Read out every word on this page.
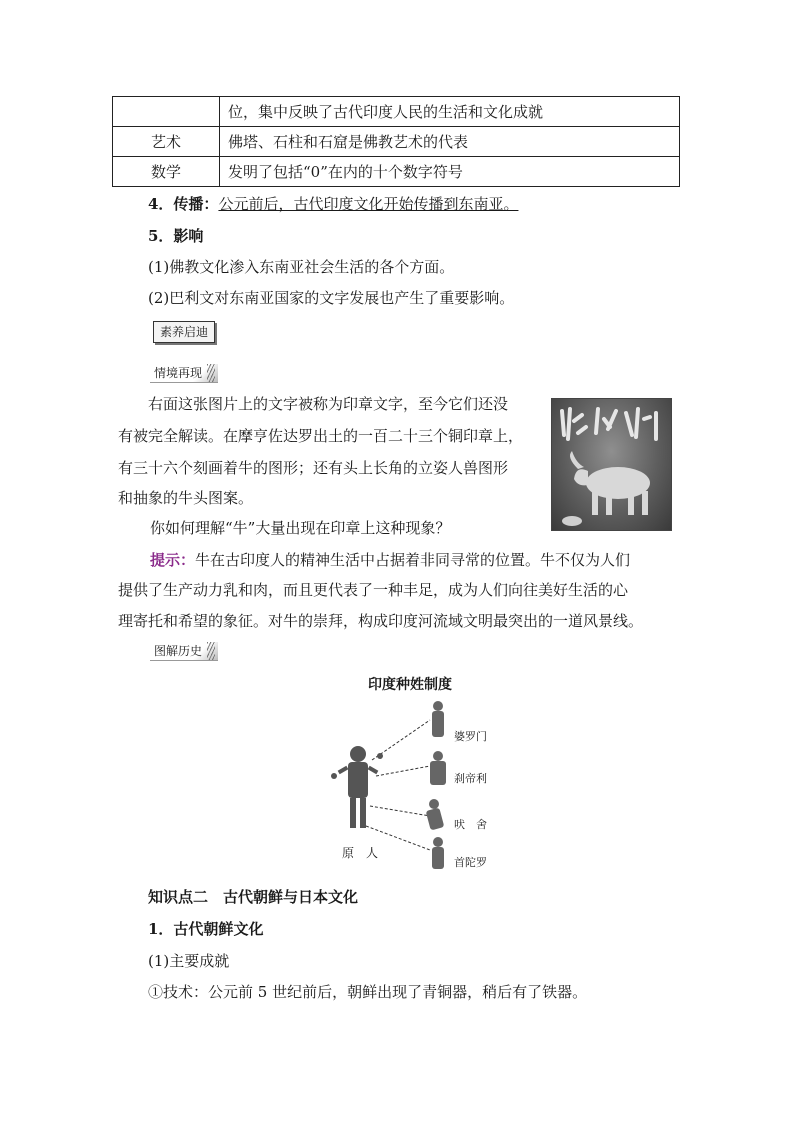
	位，集中反映了古代印度人民的生活和文化成就
艺术	佛塔、石柱和石窟是佛教艺术的代表
数学	发明了包括“0”在内的十个数字符号
4．传播：公元前后，古代印度文化开始传播到东南亚。
5．影响
(1)佛教文化渗入东南亚社会生活的各个方面。
(2)巴利文对东南亚国家的文字发展也产生了重要影响。
素养启迪
情境再现
右面这张图片上的文字被称为印章文字，至今它们还没
有被完全解读。在摩亨佐达罗出土的一百二十三个铜印章上，
有三十六个刻画着牛的图形；还有头上长角的立姿人兽图形
和抽象的牛头图案。
你如何理解“牛”大量出现在印章上这种现象？
提示：牛在古印度人的精神生活中占据着非同寻常的位置。牛不仅为人们
提供了生产动力乳和肉，而且更代表了一种丰足，成为人们向往美好生活的心
理寄托和希望的象征。对牛的崇拜，构成印度河流域文明最突出的一道风景线。
图解历史
印度种姓制度
婆罗门
刹帝利
吠　舍
首陀罗
原　人
知识点二　古代朝鲜与日本文化
1．古代朝鲜文化
(1)主要成就
①技术：公元前 5 世纪前后，朝鲜出现了青铜器，稍后有了铁器。
